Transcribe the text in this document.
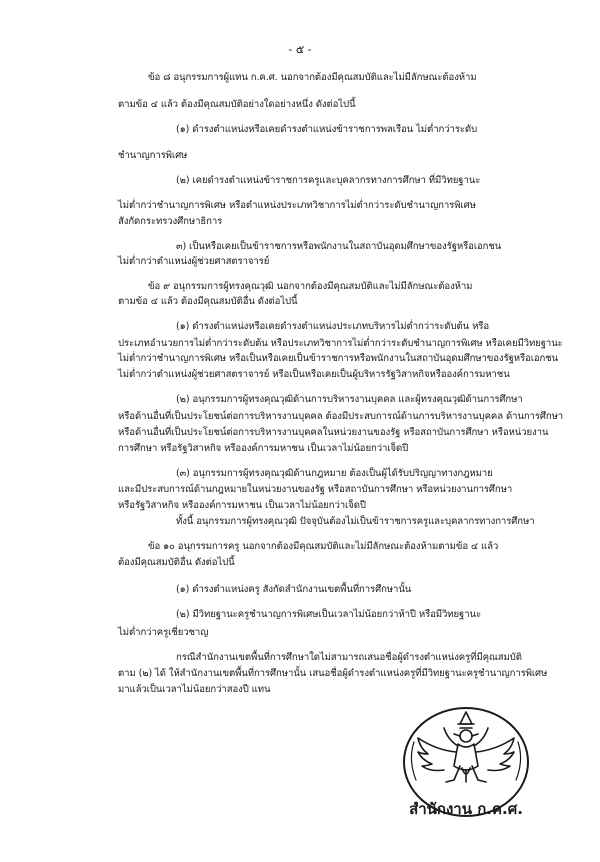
- ๕ -
ข้อ ๘ อนุกรรมการผู้แทน ก.ค.ศ. นอกจากต้องมีคุณสมบัติและไม่มีลักษณะต้องห้าม
ตามข้อ ๔ แล้ว ต้องมีคุณสมบัติอย่างใดอย่างหนึ่ง ดังต่อไปนี้
(๑) ดำรงตำแหน่งหรือเคยดำรงตำแหน่งข้าราชการพลเรือน ไม่ต่ำกว่าระดับ
ชำนาญการพิเศษ
(๒) เคยดำรงตำแหน่งข้าราชการครูและบุคลากรทางการศึกษา ที่มีวิทยฐานะ
ไม่ต่ำกว่าชำนาญการพิเศษ หรือตำแหน่งประเภทวิชาการไม่ต่ำกว่าระดับชำนาญการพิเศษ
สังกัดกระทรวงศึกษาธิการ
๓) เป็นหรือเคยเป็นข้าราชการหรือพนักงานในสถาบันอุดมศึกษาของรัฐหรือเอกชน
ไม่ต่ำกว่าตำแหน่งผู้ช่วยศาสตราจารย์
ข้อ ๙ อนุกรรมการผู้ทรงคุณวุฒิ นอกจากต้องมีคุณสมบัติและไม่มีลักษณะต้องห้าม
ตามข้อ ๔ แล้ว ต้องมีคุณสมบัติอื่น ดังต่อไปนี้
(๑) ดำรงตำแหน่งหรือเคยดำรงตำแหน่งประเภทบริหารไม่ต่ำกว่าระดับต้น หรือ
ประเภทอำนวยการไม่ต่ำกว่าระดับต้น หรือประเภทวิชาการไม่ต่ำกว่าระดับชำนาญการพิเศษ หรือเคยมีวิทยฐานะ
ไม่ต่ำกว่าชำนาญการพิเศษ หรือเป็นหรือเคยเป็นข้าราชการหรือพนักงานในสถาบันอุดมศึกษาของรัฐหรือเอกชน
ไม่ต่ำกว่าตำแหน่งผู้ช่วยศาสตราจารย์ หรือเป็นหรือเคยเป็นผู้บริหารรัฐวิสาหกิจหรือองค์การมหาชน
(๒) อนุกรรมการผู้ทรงคุณวุฒิด้านการบริหารงานบุคคล และผู้ทรงคุณวุฒิด้านการศึกษา
หรือด้านอื่นที่เป็นประโยชน์ต่อการบริหารงานบุคคล ต้องมีประสบการณ์ด้านการบริหารงานบุคคล ด้านการศึกษา
หรือด้านอื่นที่เป็นประโยชน์ต่อการบริหารงานบุคคลในหน่วยงานของรัฐ หรือสถาบันการศึกษา หรือหน่วยงาน
การศึกษา หรือรัฐวิสาหกิจ หรือองค์การมหาชน เป็นเวลาไม่น้อยกว่าเจ็ดปี
(๓) อนุกรรมการผู้ทรงคุณวุฒิด้านกฎหมาย ต้องเป็นผู้ได้รับปริญญาทางกฎหมาย
และมีประสบการณ์ด้านกฎหมายในหน่วยงานของรัฐ หรือสถาบันการศึกษา หรือหน่วยงานการศึกษา
หรือรัฐวิสาหกิจ หรือองค์การมหาชน เป็นเวลาไม่น้อยกว่าเจ็ดปี
ทั้งนี้ อนุกรรมการผู้ทรงคุณวุฒิ ปัจจุบันต้องไม่เป็นข้าราชการครูและบุคลากรทางการศึกษา
ข้อ ๑๐ อนุกรรมการครู นอกจากต้องมีคุณสมบัติและไม่มีลักษณะต้องห้ามตามข้อ ๔ แล้ว
ต้องมีคุณสมบัติอื่น ดังต่อไปนี้
(๑) ดำรงตำแหน่งครู สังกัดสำนักงานเขตพื้นที่การศึกษานั้น
(๒) มีวิทยฐานะครูชำนาญการพิเศษเป็นเวลาไม่น้อยกว่าห้าปี หรือมีวิทยฐานะ
ไม่ต่ำกว่าครูเชี่ยวชาญ
กรณีสำนักงานเขตพื้นที่การศึกษาใดไม่สามารถเสนอชื่อผู้ดำรงตำแหน่งครูที่มีคุณสมบัติ
ตาม (๒) ได้ ให้สำนักงานเขตพื้นที่การศึกษานั้น เสนอชื่อผู้ดำรงตำแหน่งครูที่มีวิทยฐานะครูชำนาญการพิเศษ
มาแล้วเป็นเวลาไม่น้อยกว่าสองปี แทน
สำนักงาน ก.ค.ศ.
